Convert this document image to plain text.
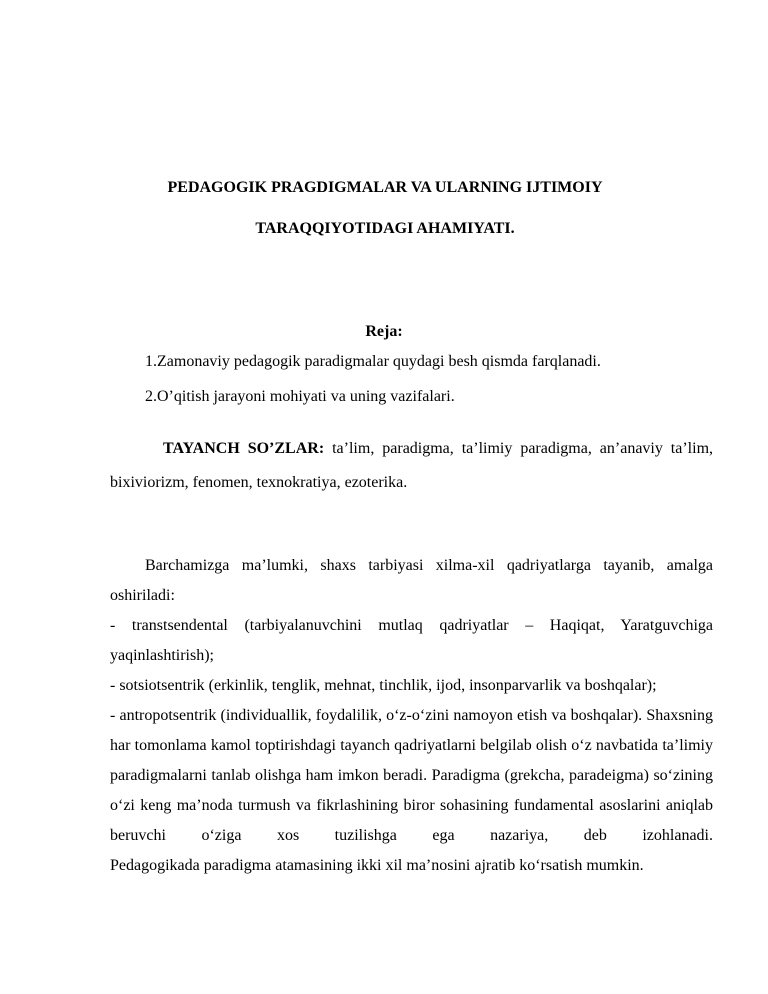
PEDAGOGIK PRAGDIGMALAR VA ULARNING IJTIMOIY
TARAQQIYOTIDAGI AHAMIYATI.
Reja:
1.Zamonaviy pedagogik paradigmalar quydagi besh qismda farqlanadi.
2.O’qitish jarayoni mohiyati va uning vazifalari.
TAYANCH SO’ZLAR: ta’lim, paradigma, ta’limiy paradigma, an’anaviy ta’lim, bixiviorizm, fenomen, texnokratiya, ezoterika.

Barchamizga ma’lumki, shaxs tarbiyasi xilma-xil qadriyatlarga tayanib, amalga oshiriladi:

- transtsendental (tarbiyalanuvchini mutlaq qadriyatlar – Haqiqat, Yaratguvchiga yaqinlashtirish);

- sotsiotsentrik (erkinlik, tenglik, mehnat, tinchlik, ijod, insonparvarlik va boshqalar);

- antropotsentrik (individuallik, foydalilik, o‘z-o‘zini namoyon etish va boshqalar). Shaxsning har tomonlama kamol toptirishdagi tayanch qadriyatlarni belgilab olish o‘z navbatida ta’limiy paradigmalarni tanlab olishga ham imkon beradi. Paradigma (grekcha, paradeigma) so‘zining o‘zi keng ma’noda turmush va fikrlashining biror sohasining fundamental asoslarini aniqlab beruvchi o‘ziga xos tuzilishga ega nazariya, deb izohlanadi.

Pedagogikada paradigma atamasining ikki xil ma’nosini ajratib ko‘rsatish mumkin.
